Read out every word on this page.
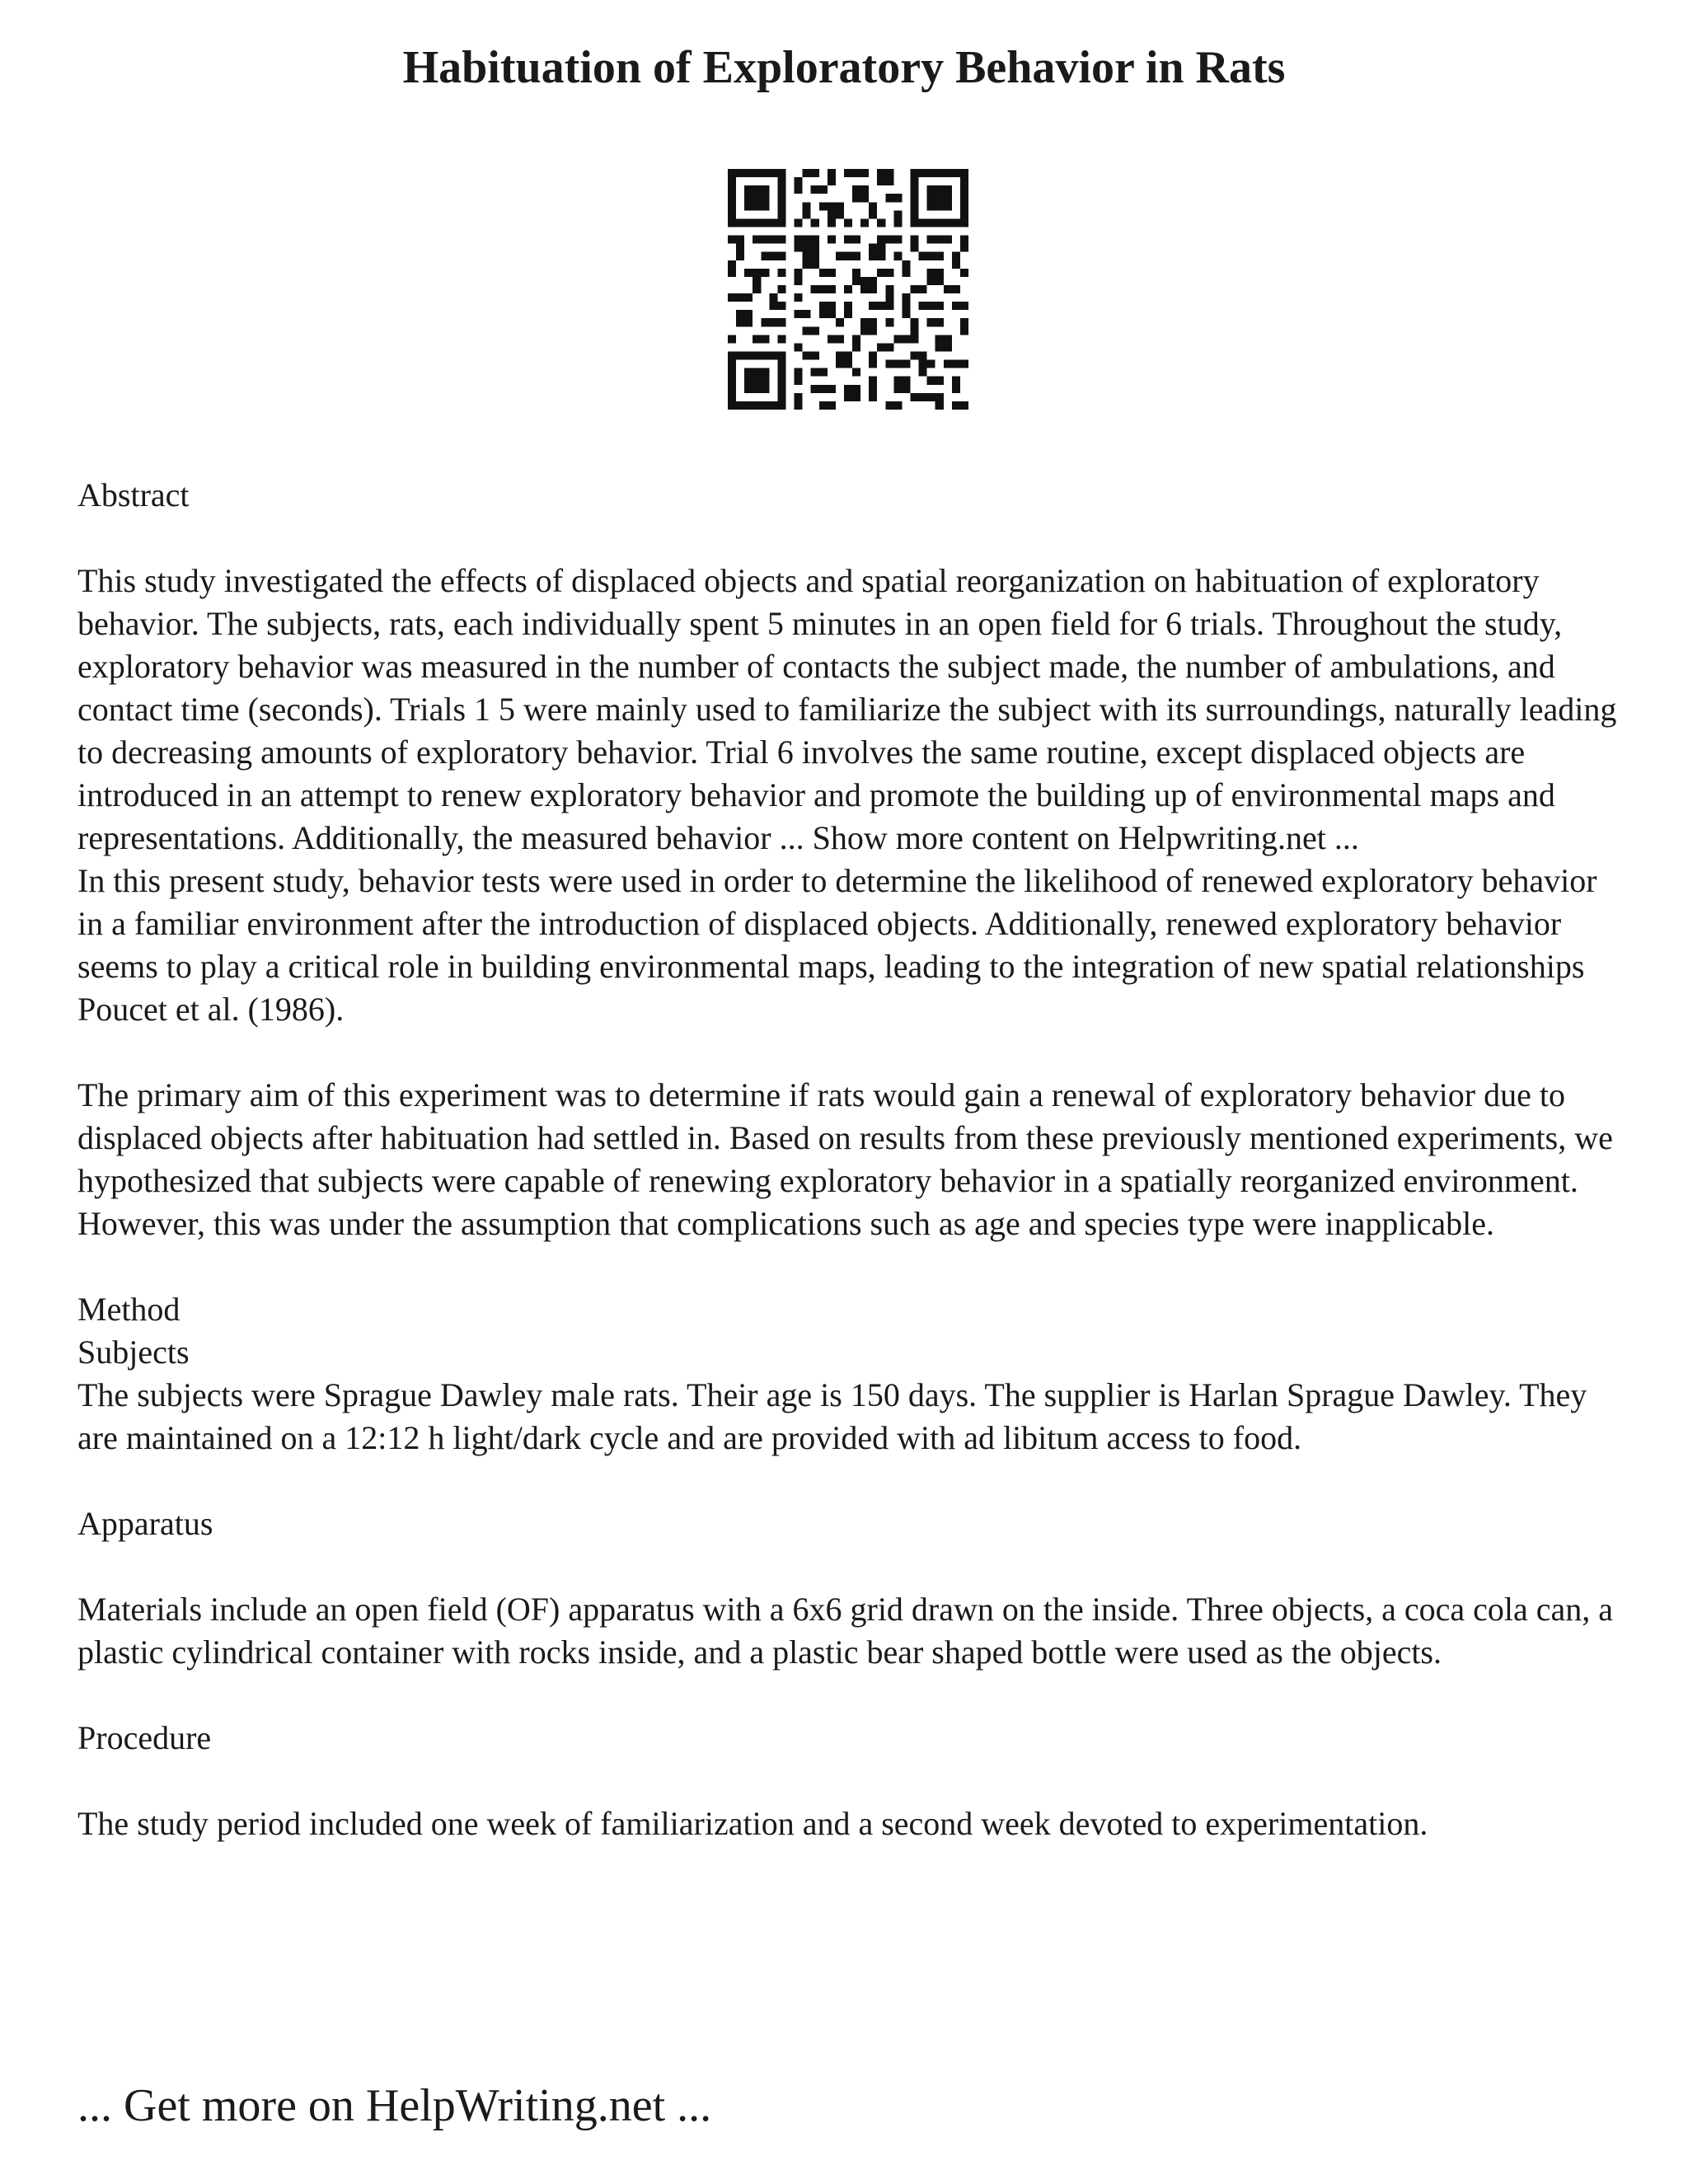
Habituation of Exploratory Behavior in Rats

Abstract

This study investigated the effects of displaced objects and spatial reorganization on habituation of exploratory behavior. The subjects, rats, each individually spent 5 minutes in an open field for 6 trials. Throughout the study, exploratory behavior was measured in the number of contacts the subject made, the number of ambulations, and contact time (seconds). Trials 1 5 were mainly used to familiarize the subject with its surroundings, naturally leading to decreasing amounts of exploratory behavior. Trial 6 involves the same routine, except displaced objects are introduced in an attempt to renew exploratory behavior and promote the building up of environmental maps and representations. Additionally, the measured behavior ... Show more content on Helpwriting.net ...

In this present study, behavior tests were used in order to determine the likelihood of renewed exploratory behavior in a familiar environment after the introduction of displaced objects. Additionally, renewed exploratory behavior seems to play a critical role in building environmental maps, leading to the integration of new spatial relationships Poucet et al. (1986).

The primary aim of this experiment was to determine if rats would gain a renewal of exploratory behavior due to displaced objects after habituation had settled in. Based on results from these previously mentioned experiments, we hypothesized that subjects were capable of renewing exploratory behavior in a spatially reorganized environment. However, this was under the assumption that complications such as age and species type were inapplicable.

Method

Subjects

The subjects were Sprague Dawley male rats. Their age is 150 days. The supplier is Harlan Sprague Dawley. They are maintained on a 12:12 h light/dark cycle and are provided with ad libitum access to food.

Apparatus

Materials include an open field (OF) apparatus with a 6x6 grid drawn on the inside. Three objects, a coca cola can, a plastic cylindrical container with rocks inside, and a plastic bear shaped bottle were used as the objects.

Procedure

The study period included one week of familiarization and a second week devoted to experimentation.

... Get more on HelpWriting.net ...
